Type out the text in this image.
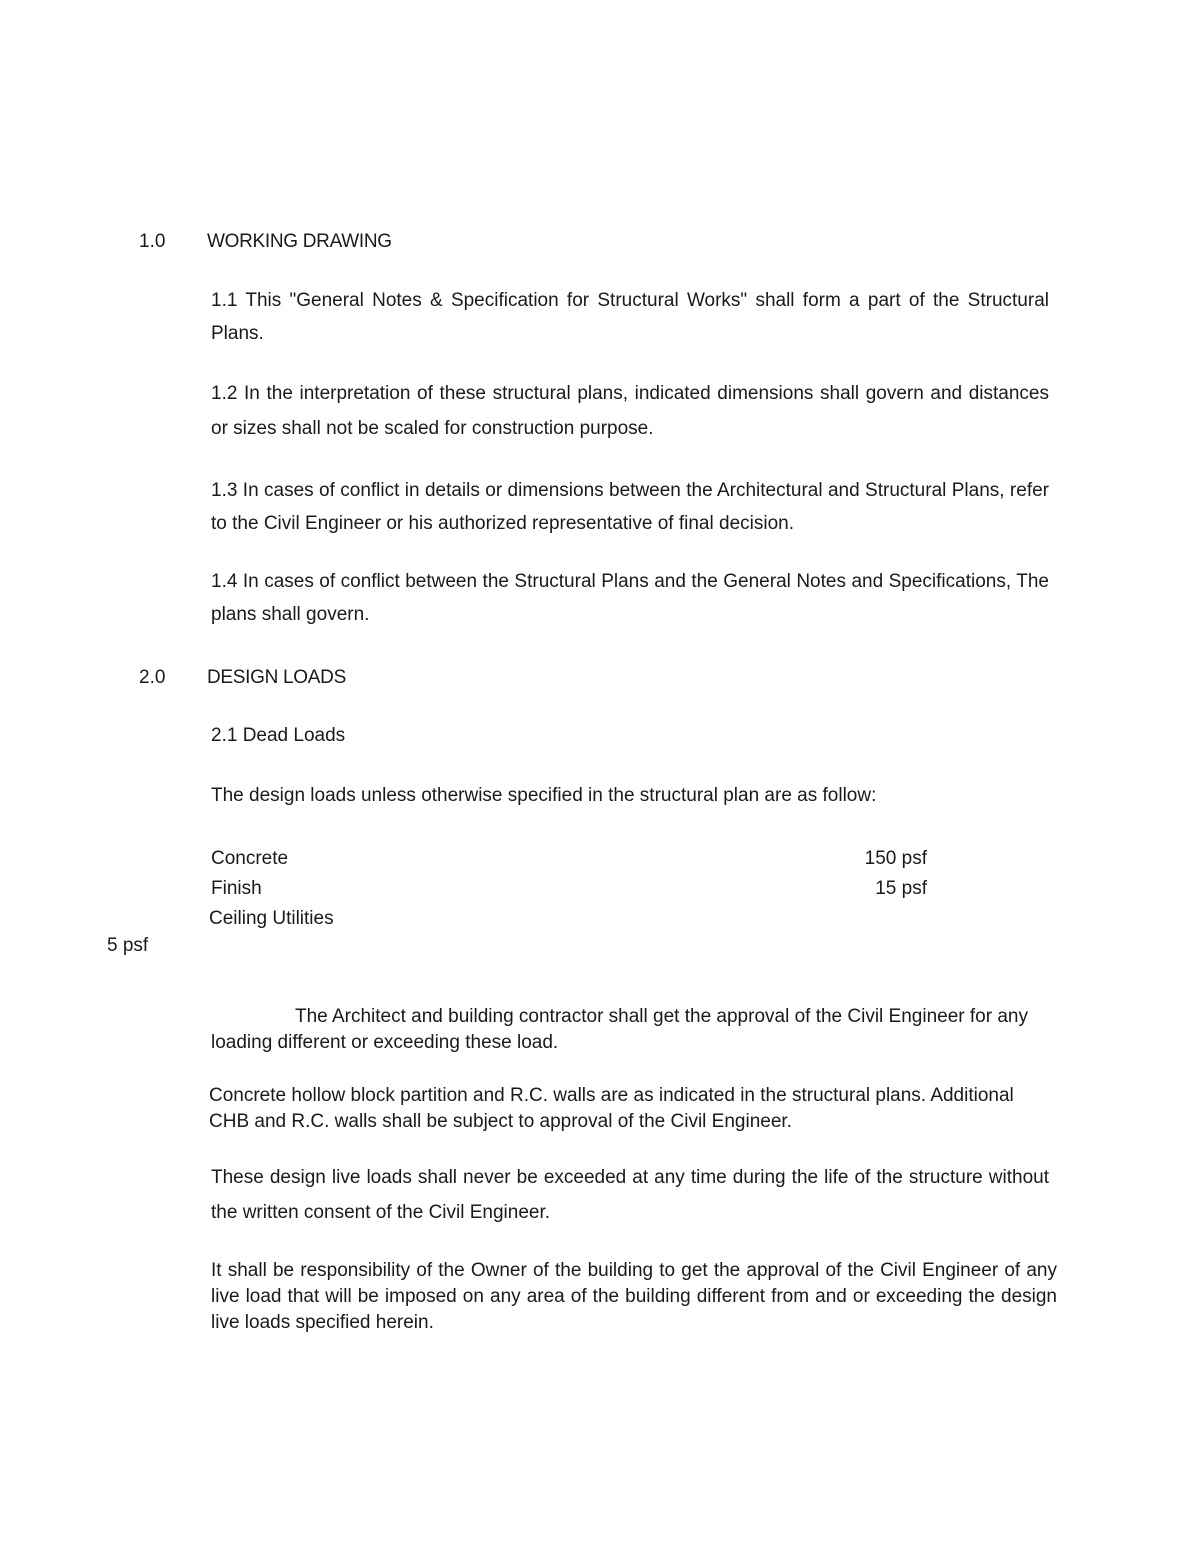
1.0 WORKING DRAWING
1.1 This "General Notes & Specification for Structural Works" shall form a part of the Structural Plans.
1.2 In the interpretation of these structural plans, indicated dimensions shall govern and distances or sizes shall not be scaled for construction purpose.
1.3 In cases of conflict in details or dimensions between the Architectural and Structural Plans, refer to the Civil Engineer or his authorized representative of final decision.
1.4 In cases of conflict between the Structural Plans and the General Notes and Specifications, The plans shall govern.
2.0 DESIGN LOADS
2.1 Dead Loads
The design loads unless otherwise specified in the structural plan are as follow:
Concrete	150 psf
Finish	15 psf
Ceiling Utilities
5 psf
The Architect and building contractor shall get the approval of the Civil Engineer for any loading different or exceeding these load.
Concrete hollow block partition and R.C. walls are as indicated in the structural plans. Additional CHB and R.C. walls shall be subject to approval of the Civil Engineer.
These design live loads shall never be exceeded at any time during the life of the structure without the written consent of the Civil Engineer.
It shall be responsibility of the Owner of the building to get the approval of the Civil Engineer of any live load that will be imposed on any area of the building different from and or exceeding the design live loads specified herein.
